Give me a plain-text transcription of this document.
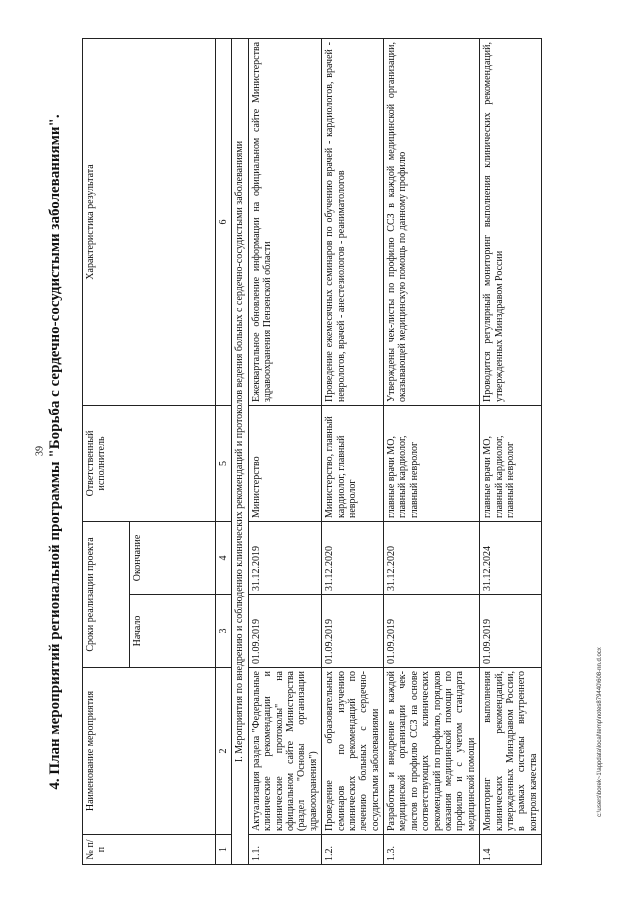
39
c:\users\borek~1\appdata\local\temp\notes879440\608-nn.d.ocx
4. План мероприятий региональной программы "Борьба с сердечно-сосудистыми заболеваниями".
№ п/п	Наименование мероприятия	Сроки реализации проекта		Ответственный исполнитель	Характеристика результата
		Начало	Окончание		
1	2	3	4	5	6
I. Мероприятия по внедрению и соблюдению клинических рекомендаций и протоколов ведения больных с сердечно-сосудистыми заболеваниями					
1.1.	Актуализация раздела "Федеральные клинические рекомендации и клинические протоколы" на официальном сайте Министерства (раздел "Основы организации здравоохранения")	01.09.2019	31.12.2019	Министерство	Ежеквартальное обновление информации на официальном сайте Министерства здравоохранения Пензенской области
1.2.	Проведение образовательных семинаров по изучению клинических рекомендаций по лечению больных с сердечно-сосудистыми заболеваниями	01.09.2019	31.12.2020	Министерство, главный кардиолог, главный невролог	Проведение ежемесячных семинаров по обучению врачей - кардиологов, врачей - неврологов, врачей - анестезиологов - реаниматологов
1.3.	Разработка и внедрение в каждой медицинской организации чек-листов по профилю ССЗ на основе соответствующих клинических рекомендаций по профилю, порядков оказания медицинской помощи по профилю и с учетом стандарта медицинской помощи	01.09.2019	31.12.2020	главные врачи МО, главный кардиолог, главный невролог	Утверждены чек-листы по профилю ССЗ в каждой медицинской организации, оказывающей медицинскую помощь по данному профилю
1.4	Мониторинг выполнения клинических рекомендаций, утвержденных Минздравом России, в рамках системы внутреннего контроля качества	01.09.2019	31.12.2024	главные врачи МО, главный кардиолог, главный невролог	Проводится регулярный мониторинг выполнения клинических рекомендаций, утвержденных Минздравом России
